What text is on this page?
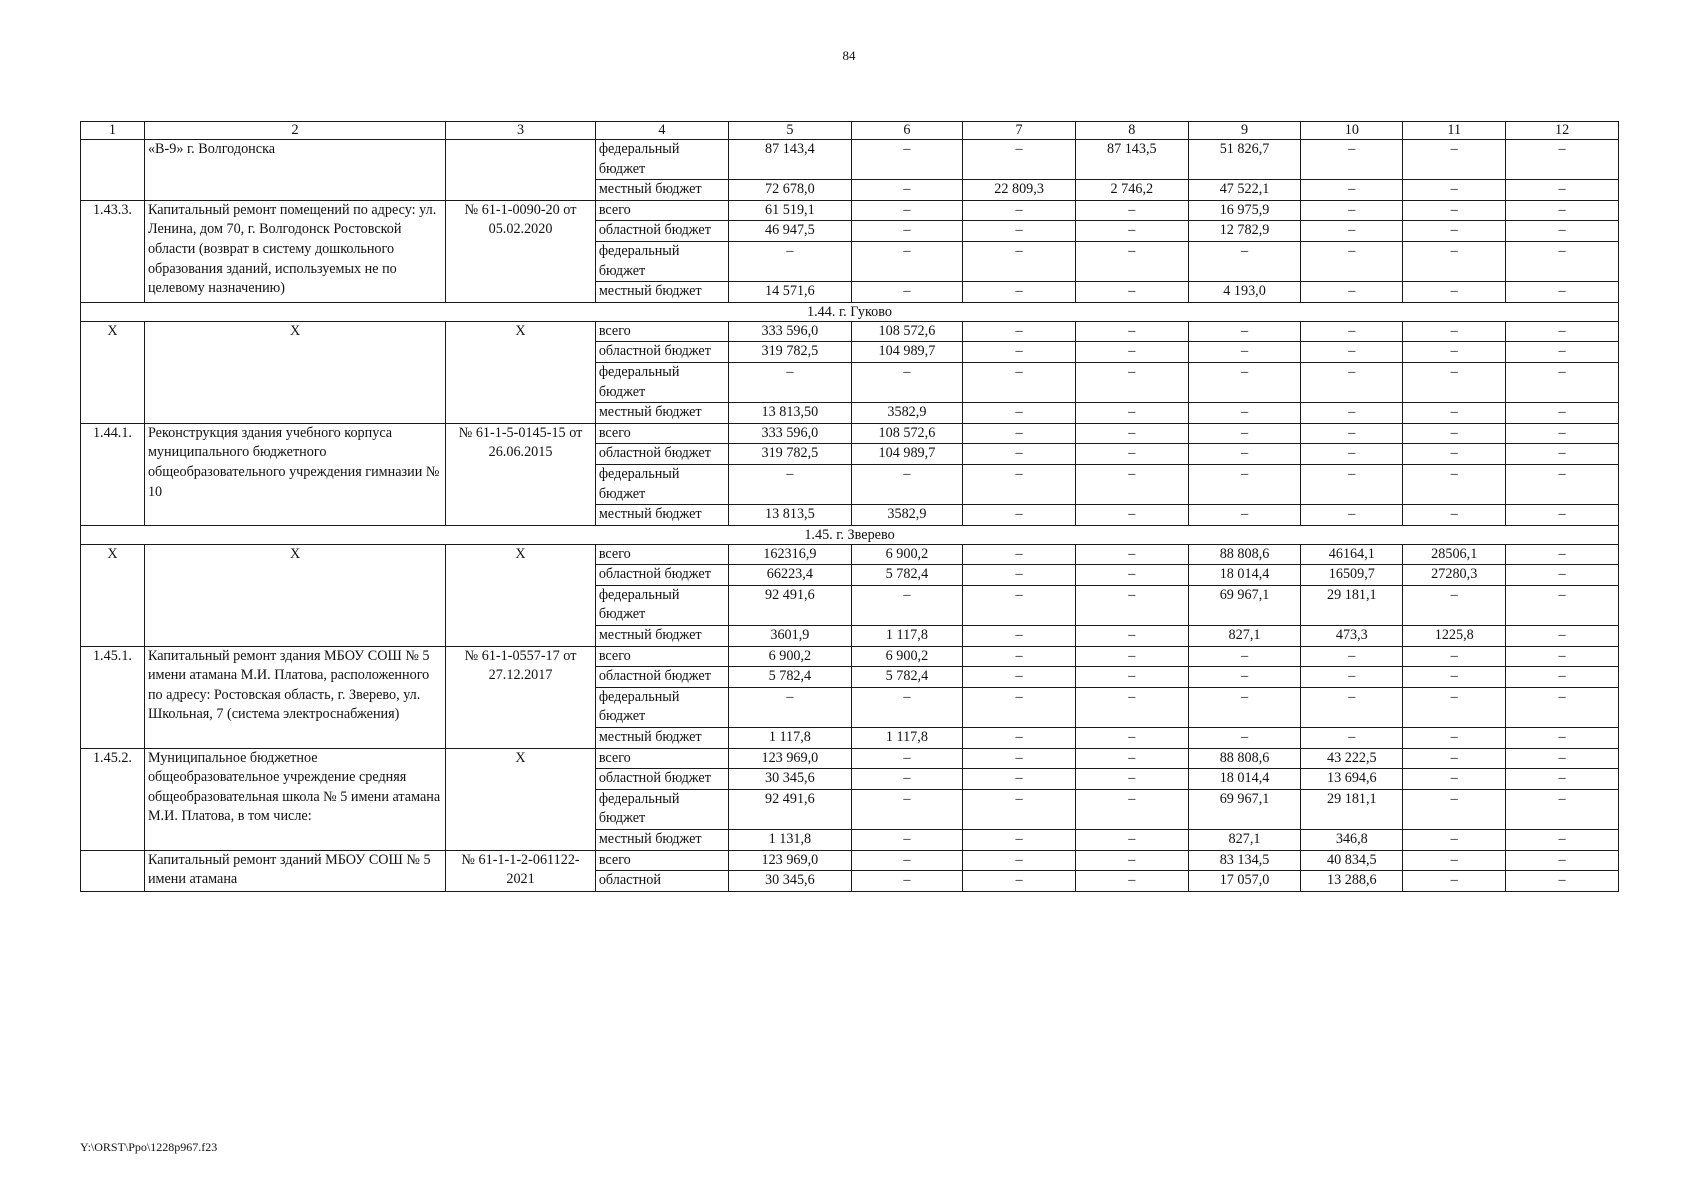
84
1	2	3	4	5	6	7	8	9	10	11	12
	«В-9» г. Волгодонска		федеральный бюджет	87 143,4	–	–	87 143,5	51 826,7	–	–	–
			местный бюджет	72 678,0	–	22 809,3	2 746,2	47 522,1	–	–	–
1.43.3.	Капитальный ремонт помещений по адресу: ул. Ленина, дом 70, г. Волгодонск Ростовской области (возврат в систему дошкольного образования зданий, используемых не по целевому назначению)	№ 61-1-0090-20 от 05.02.2020	всего	61 519,1	–	–	–	16 975,9	–	–	–
			областной бюджет	46 947,5	–	–	–	12 782,9	–	–	–
			федеральный бюджет	–	–	–	–	–	–	–	–
			местный бюджет	14 571,6	–	–	–	4 193,0	–	–	–
1.44. г. Гуково											
Х	Х	Х	всего	333 596,0	108 572,6	–	–	–	–	–	–
			областной бюджет	319 782,5	104 989,7	–	–	–	–	–	–
			федеральный бюджет	–	–	–	–	–	–	–	–
			местный бюджет	13 813,50	3582,9	–	–	–	–	–	–
1.44.1.	Реконструкция здания учебного корпуса муниципального бюджетного общеобразовательного учреждения гимназии № 10	№ 61-1-5-0145-15 от 26.06.2015	всего	333 596,0	108 572,6	–	–	–	–	–	–
			областной бюджет	319 782,5	104 989,7	–	–	–	–	–	–
			федеральный бюджет	–	–	–	–	–	–	–	–
			местный бюджет	13 813,5	3582,9	–	–	–	–	–	–
1.45. г. Зверево											
Х	Х	Х	всего	162316,9	6 900,2	–	–	88 808,6	46164,1	28506,1	–
			областной бюджет	66223,4	5 782,4	–	–	18 014,4	16509,7	27280,3	–
			федеральный бюджет	92 491,6	–	–	–	69 967,1	29 181,1	–	–
			местный бюджет	3601,9	1 117,8	–	–	827,1	473,3	1225,8	–
1.45.1.	Капитальный ремонт здания МБОУ СОШ № 5 имени атамана М.И. Платова, расположенного по адресу: Ростовская область, г. Зверево, ул. Школьная, 7 (система электроснабжения)	№ 61-1-0557-17 от 27.12.2017	всего	6 900,2	6 900,2	–	–	–	–	–	–
			областной бюджет	5 782,4	5 782,4	–	–	–	–	–	–
			федеральный бюджет	–	–	–	–	–	–	–	–
			местный бюджет	1 117,8	1 117,8	–	–	–	–	–	–
1.45.2.	Муниципальное бюджетное общеобразовательное учреждение средняя общеобразовательная школа № 5 имени атамана М.И. Платова, в том числе:	Х	всего	123 969,0	–	–	–	88 808,6	43 222,5	–	–
			областной бюджет	30 345,6	–	–	–	18 014,4	13 694,6	–	–
			федеральный бюджет	92 491,6	–	–	–	69 967,1	29 181,1	–	–
			местный бюджет	1 131,8	–	–	–	827,1	346,8	–	–
	Капитальный ремонт зданий МБОУ СОШ № 5 имени атамана	№ 61-1-1-2-061122-2021	всего	123 969,0	–	–	–	83 134,5	40 834,5	–	–
			областной	30 345,6	–	–	–	17 057,0	13 288,6	–	–
Y:\ORST\Ppo\1228p967.f23
